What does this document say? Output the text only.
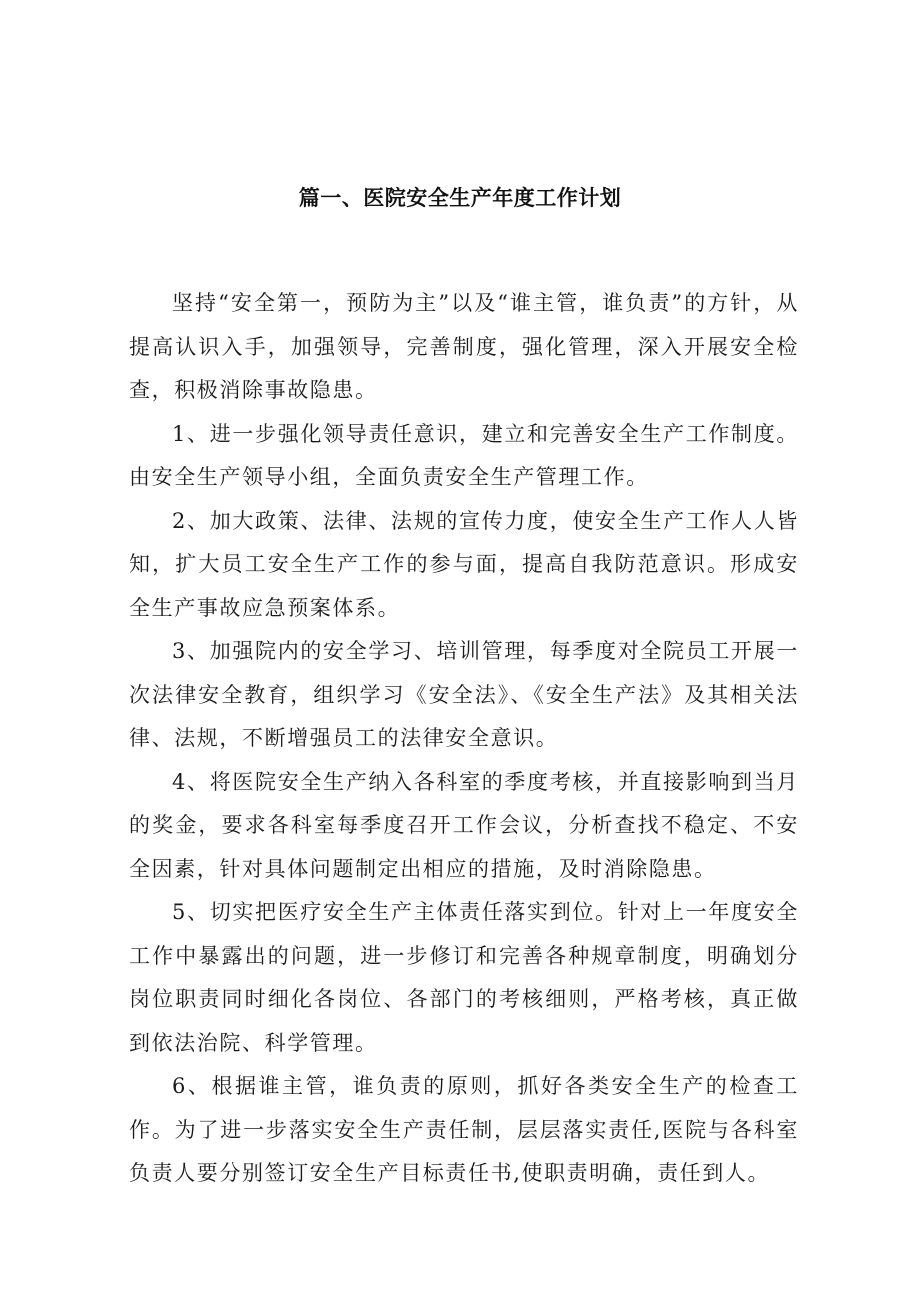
篇一、医院安全生产年度工作计划

坚持“安全第一，预防为主”以及“谁主管，谁负责”的方针，从提高认识入手，加强领导，完善制度，强化管理，深入开展安全检查，积极消除事故隐患。

1、进一步强化领导责任意识，建立和完善安全生产工作制度。由安全生产领导小组，全面负责安全生产管理工作。

2、加大政策、法律、法规的宣传力度，使安全生产工作人人皆知，扩大员工安全生产工作的参与面，提高自我防范意识。形成安全生产事故应急预案体系。

3、加强院内的安全学习、培训管理，每季度对全院员工开展一次法律安全教育，组织学习《安全法》、《安全生产法》及其相关法律、法规，不断增强员工的法律安全意识。

4、将医院安全生产纳入各科室的季度考核，并直接影响到当月的奖金，要求各科室每季度召开工作会议，分析查找不稳定、不安全因素，针对具体问题制定出相应的措施，及时消除隐患。

5、切实把医疗安全生产主体责任落实到位。针对上一年度安全工作中暴露出的问题，进一步修订和完善各种规章制度，明确划分岗位职责同时细化各岗位、各部门的考核细则，严格考核，真正做到依法治院、科学管理。

6、根据谁主管，谁负责的原则，抓好各类安全生产的检查工作。为了进一步落实安全生产责任制，层层落实责任,医院与各科室负责人要分别签订安全生产目标责任书,使职责明确，责任到人。
